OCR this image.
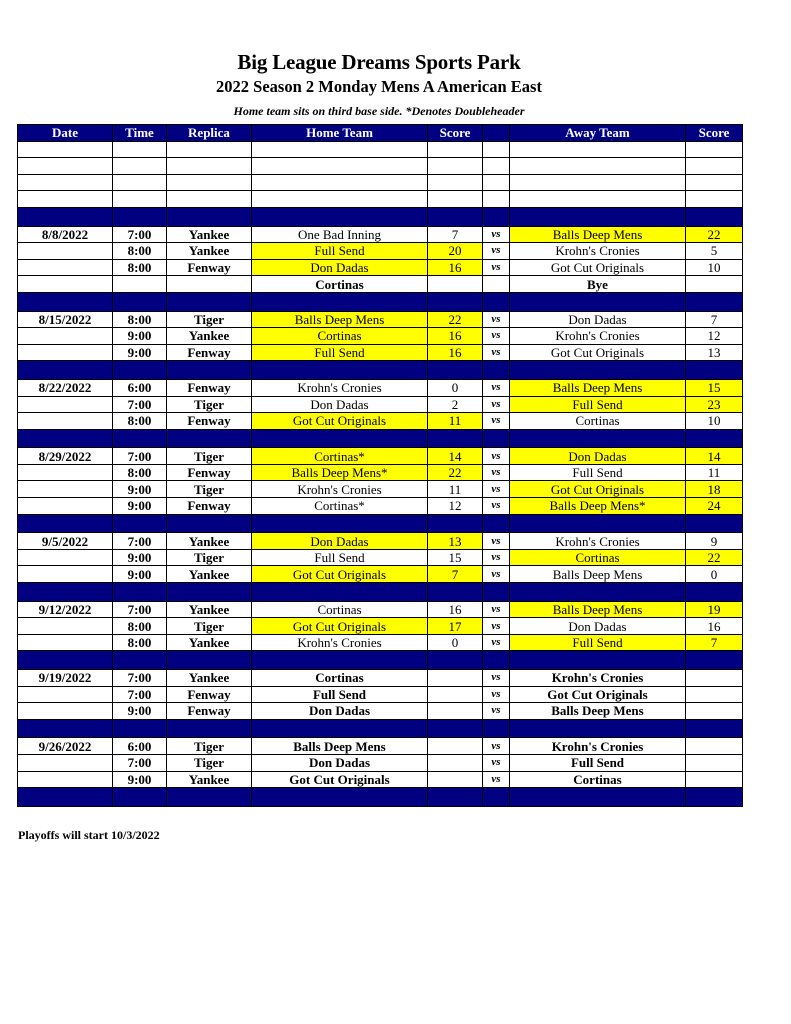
Big League Dreams Sports Park
2022 Season 2 Monday Mens A American East
Home team sits on third base side. *Denotes Doubleheader
Date	Time	Replica	Home Team	Score		Away Team	Score

8/8/2022	7:00	Yankee	One Bad Inning	7	vs	Balls Deep Mens	22
	8:00	Yankee	Full Send	20	vs	Krohn's Cronies	5
	8:00	Fenway	Don Dadas	16	vs	Got Cut Originals	10
			Cortinas			Bye	

8/15/2022	8:00	Tiger	Balls Deep Mens	22	vs	Don Dadas	7
	9:00	Yankee	Cortinas	16	vs	Krohn's Cronies	12
	9:00	Fenway	Full Send	16	vs	Got Cut Originals	13

8/22/2022	6:00	Fenway	Krohn's Cronies	0	vs	Balls Deep Mens	15
	7:00	Tiger	Don Dadas	2	vs	Full Send	23
	8:00	Fenway	Got Cut Originals	11	vs	Cortinas	10

8/29/2022	7:00	Tiger	Cortinas*	14	vs	Don Dadas	14
	8:00	Fenway	Balls Deep Mens*	22	vs	Full Send	11
	9:00	Tiger	Krohn's Cronies	11	vs	Got Cut Originals	18
	9:00	Fenway	Cortinas*	12	vs	Balls Deep Mens*	24

9/5/2022	7:00	Yankee	Don Dadas	13	vs	Krohn's Cronies	9
	9:00	Tiger	Full Send	15	vs	Cortinas	22
	9:00	Yankee	Got Cut Originals	7	vs	Balls Deep Mens	0

9/12/2022	7:00	Yankee	Cortinas	16	vs	Balls Deep Mens	19
	8:00	Tiger	Got Cut Originals	17	vs	Don Dadas	16
	8:00	Yankee	Krohn's Cronies	0	vs	Full Send	7

9/19/2022	7:00	Yankee	Cortinas		vs	Krohn's Cronies	
	7:00	Fenway	Full Send		vs	Got Cut Originals	
	9:00	Fenway	Don Dadas		vs	Balls Deep Mens	

9/26/2022	6:00	Tiger	Balls Deep Mens		vs	Krohn's Cronies	
	7:00	Tiger	Don Dadas		vs	Full Send	
	9:00	Yankee	Got Cut Originals		vs	Cortinas	

Playoffs will start 10/3/2022
